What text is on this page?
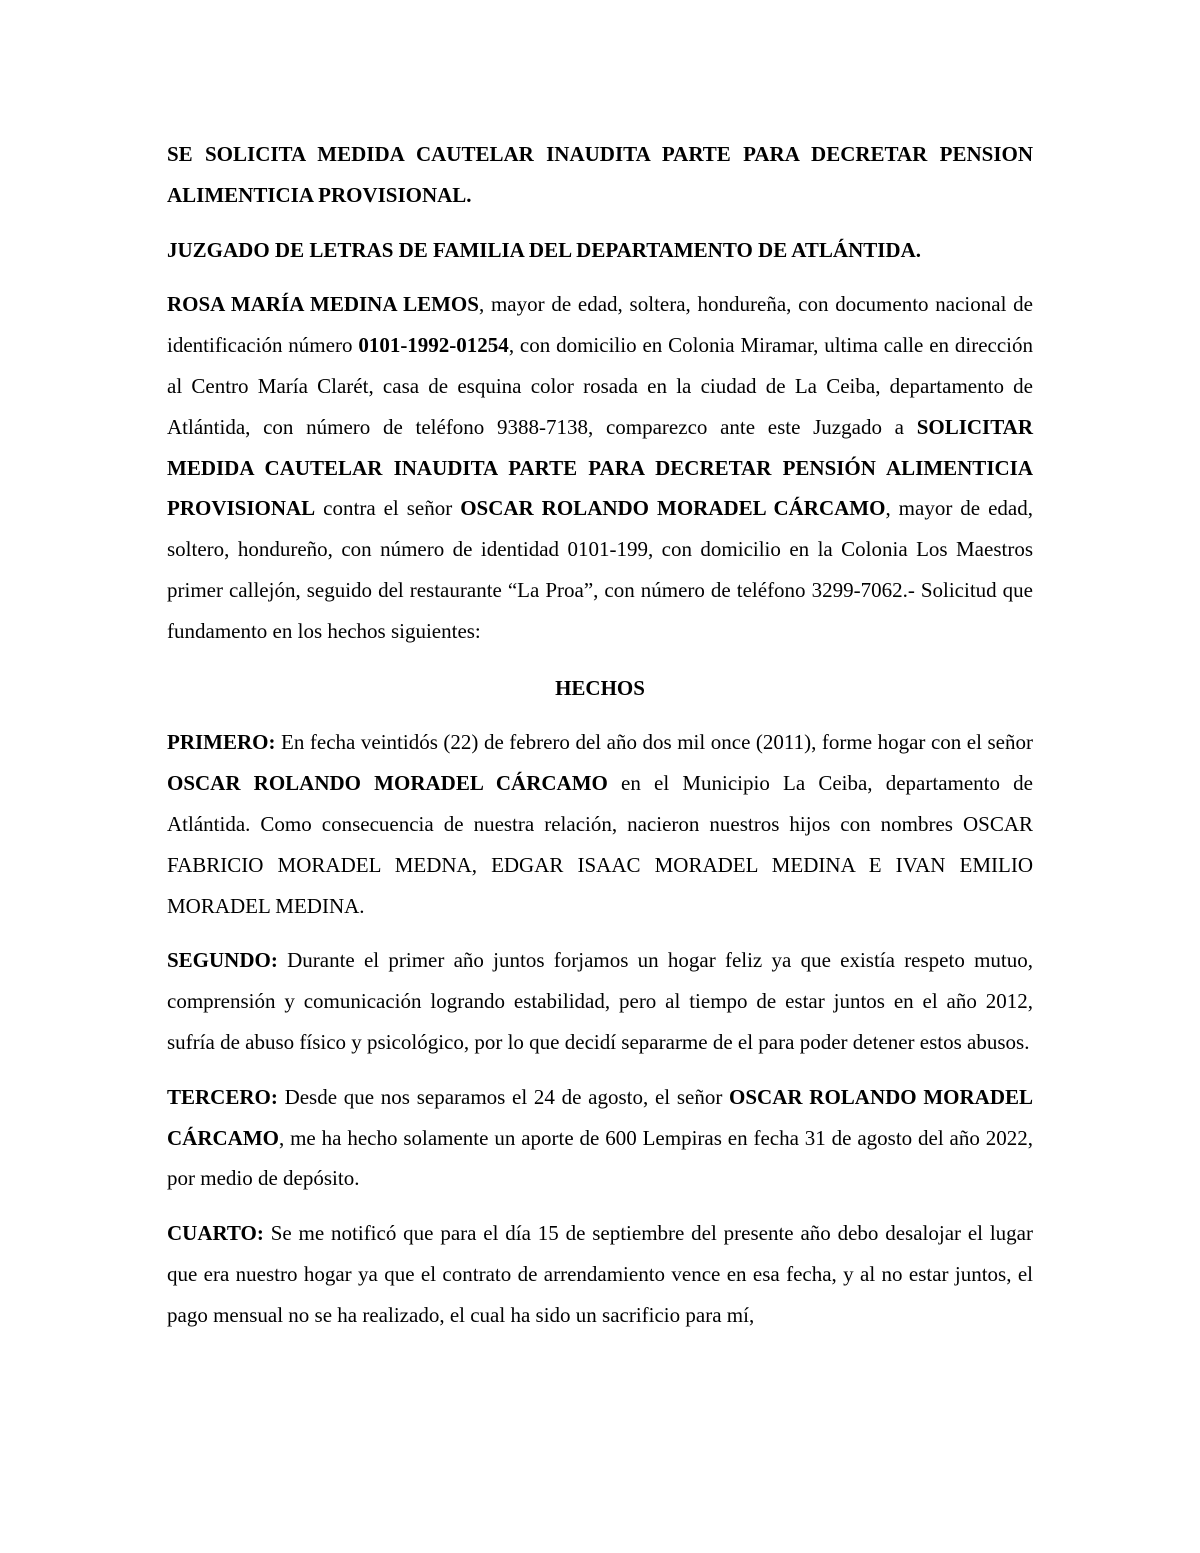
SE SOLICITA MEDIDA CAUTELAR INAUDITA PARTE PARA DECRETAR PENSION ALIMENTICIA PROVISIONAL.

JUZGADO DE LETRAS DE FAMILIA DEL DEPARTAMENTO DE ATLÁNTIDA.

ROSA MARÍA MEDINA LEMOS, mayor de edad, soltera, hondureña, con documento nacional de identificación número 0101-1992-01254, con domicilio en Colonia Miramar, ultima calle en dirección al Centro María Clarét, casa de esquina color rosada en la ciudad de La Ceiba, departamento de Atlántida, con número de teléfono 9388-7138, comparezco ante este Juzgado a SOLICITAR MEDIDA CAUTELAR INAUDITA PARTE PARA DECRETAR PENSIÓN ALIMENTICIA PROVISIONAL contra el señor OSCAR ROLANDO MORADEL CÁRCAMO, mayor de edad, soltero, hondureño, con número de identidad 0101-199, con domicilio en la Colonia Los Maestros primer callejón, seguido del restaurante “La Proa”, con número de teléfono 3299-7062.- Solicitud que fundamento en los hechos siguientes:

HECHOS

PRIMERO: En fecha veintidós (22) de febrero del año dos mil once (2011), forme hogar con el señor OSCAR ROLANDO MORADEL CÁRCAMO en el Municipio La Ceiba, departamento de Atlántida. Como consecuencia de nuestra relación, nacieron nuestros hijos con nombres OSCAR FABRICIO MORADEL MEDNA, EDGAR ISAAC MORADEL MEDINA E IVAN EMILIO MORADEL MEDINA.

SEGUNDO: Durante el primer año juntos forjamos un hogar feliz ya que existía respeto mutuo, comprensión y comunicación logrando estabilidad, pero al tiempo de estar juntos en el año 2012, sufría de abuso físico y psicológico, por lo que decidí separarme de el para poder detener estos abusos.

TERCERO: Desde que nos separamos el 24 de agosto, el señor OSCAR ROLANDO MORADEL CÁRCAMO, me ha hecho solamente un aporte de 600 Lempiras en fecha 31 de agosto del año 2022, por medio de depósito.

CUARTO: Se me notificó que para el día 15 de septiembre del presente año debo desalojar el lugar que era nuestro hogar ya que el contrato de arrendamiento vence en esa fecha, y al no estar juntos, el pago mensual no se ha realizado, el cual ha sido un sacrificio para mí,
